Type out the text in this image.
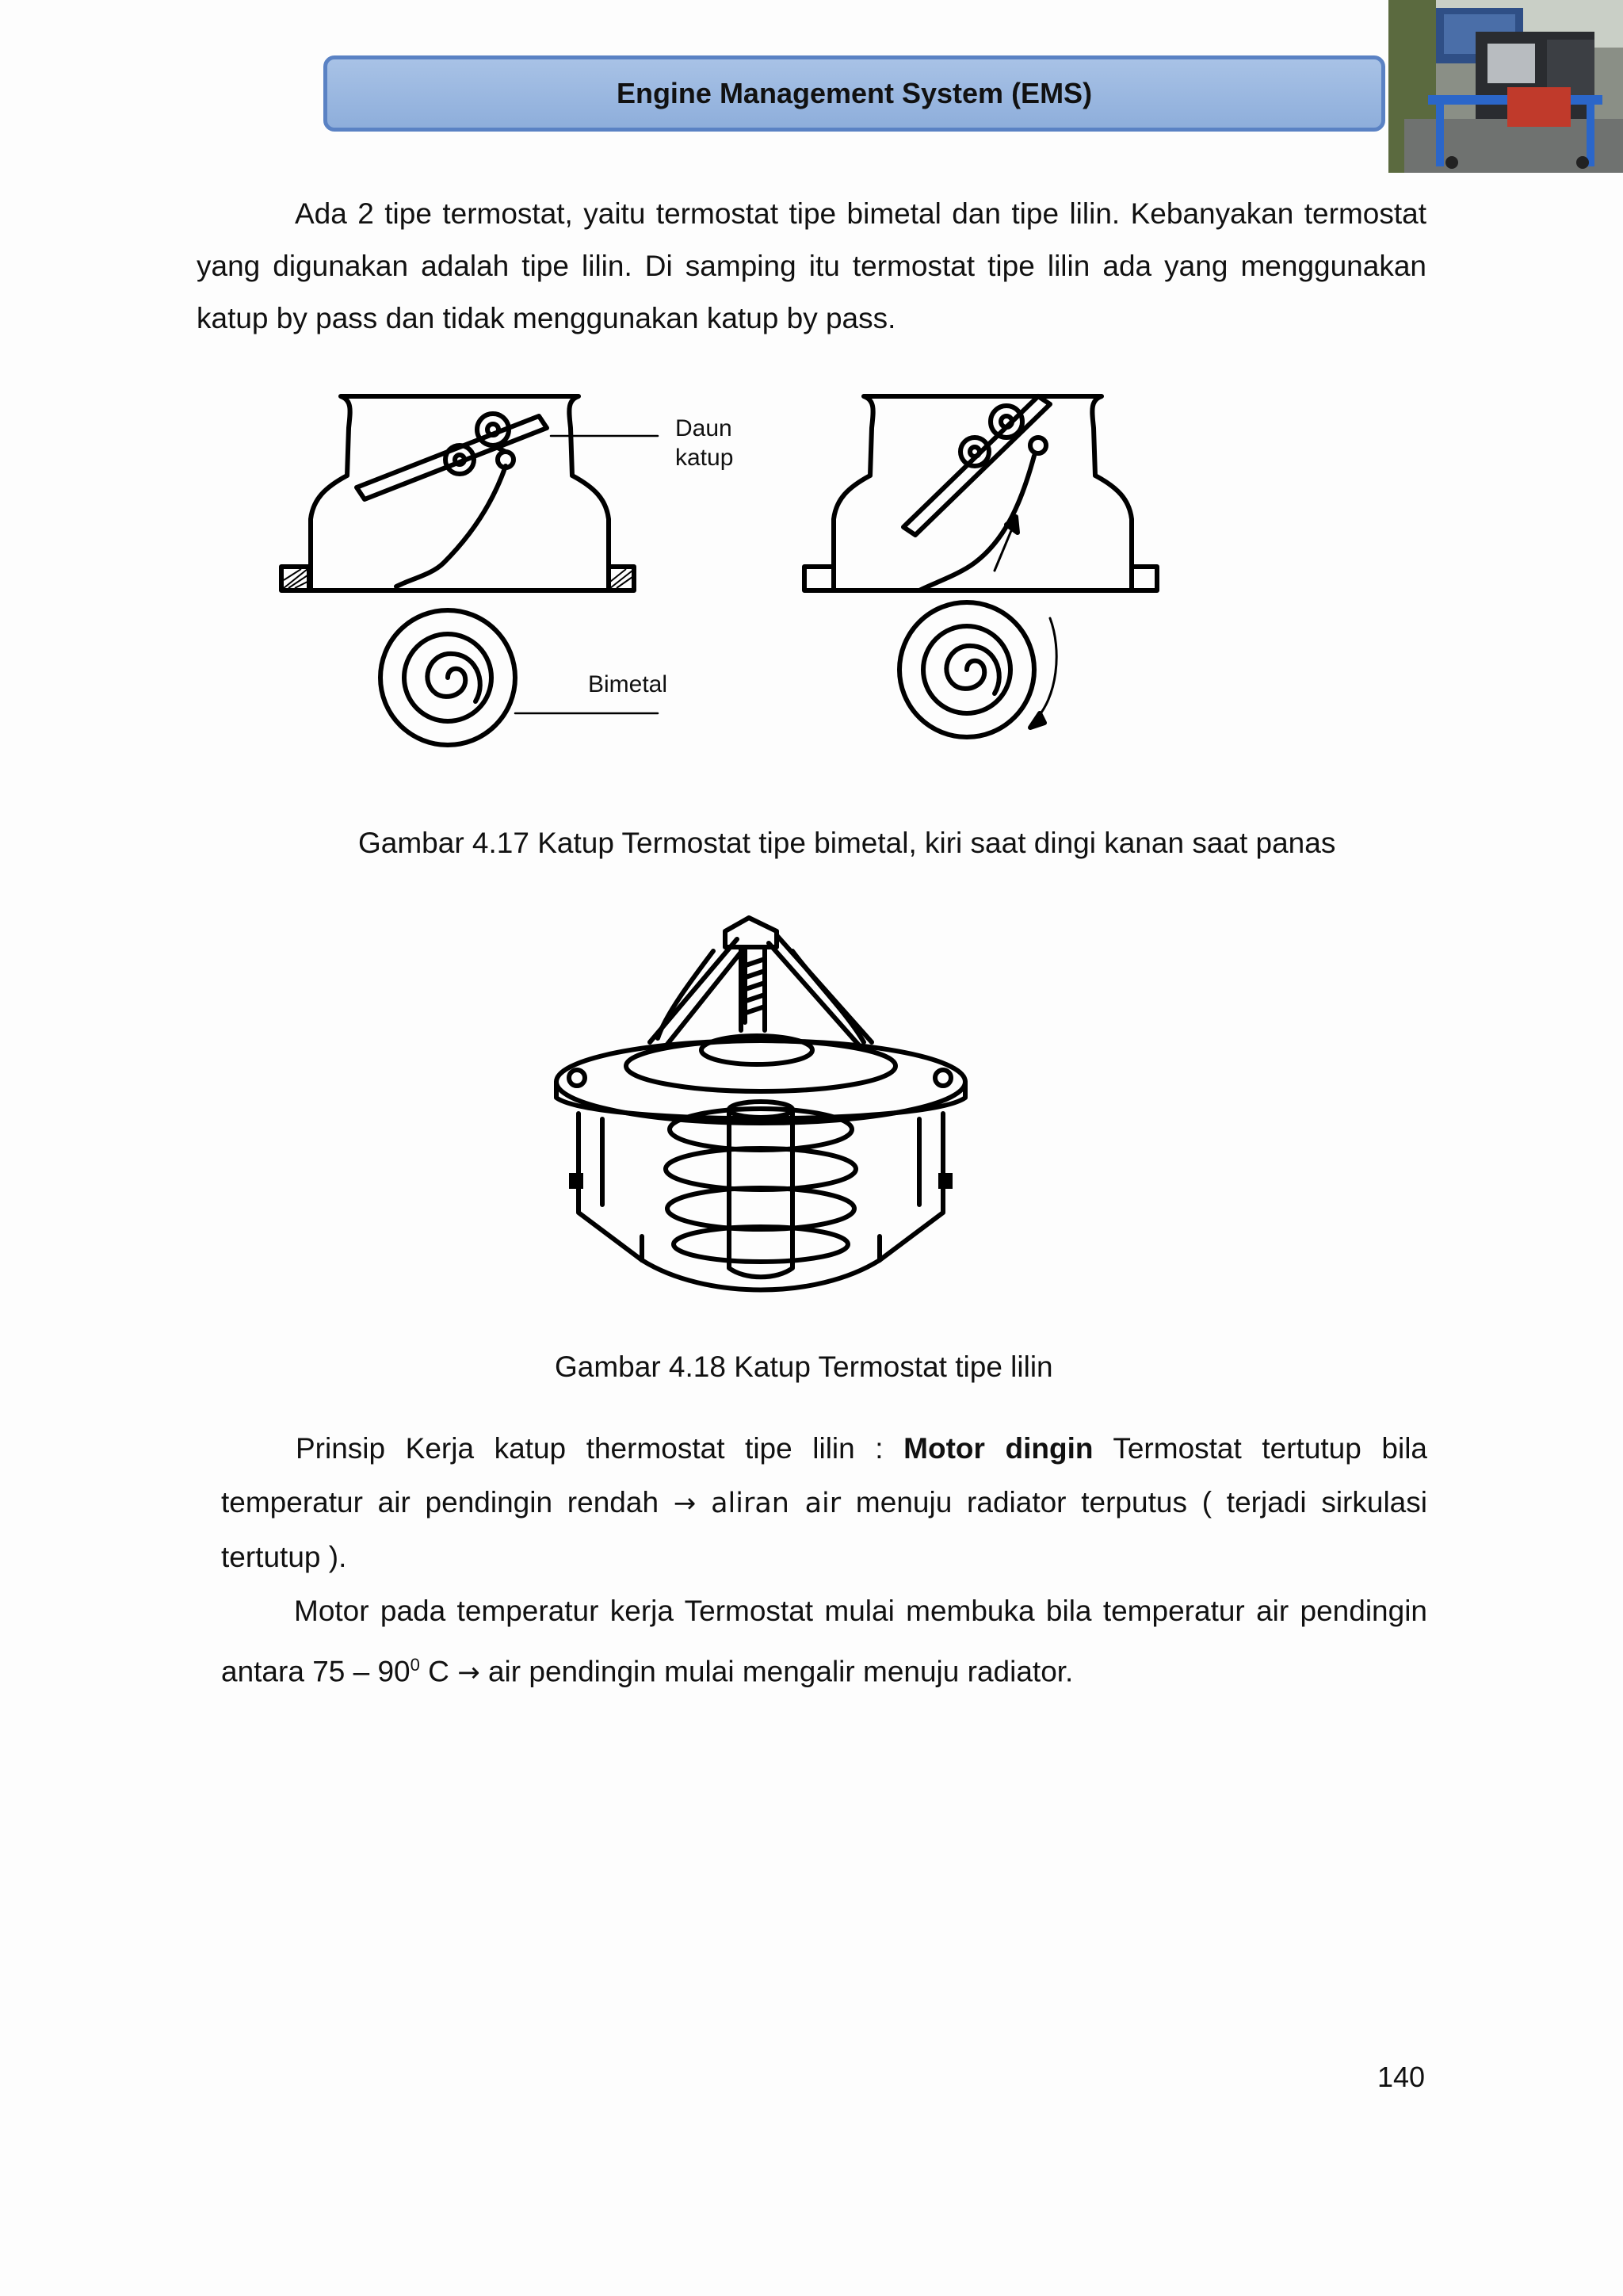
Engine Management System (EMS)
Ada 2 tipe termostat, yaitu termostat tipe bimetal dan tipe lilin. Kebanyakan termostat
yang digunakan adalah tipe lilin. Di samping itu termostat tipe lilin ada yang menggunakan
katup by pass dan tidak menggunakan katup by pass.
Daun
katup
Bimetal
Gambar 4.17 Katup Termostat tipe bimetal, kiri saat dingi kanan saat panas
Gambar 4.18 Katup Termostat tipe lilin
Prinsip Kerja katup thermostat tipe lilin : Motor dingin Termostat tertutup bila
temperatur air pendingin rendah → aliran air menuju radiator terputus ( terjadi sirkulasi
tertutup ).
Motor pada temperatur kerja Termostat mulai membuka bila temperatur air pendingin
antara $75 - 90^0$ C → air pendingin mulai mengalir menuju radiator.
140
